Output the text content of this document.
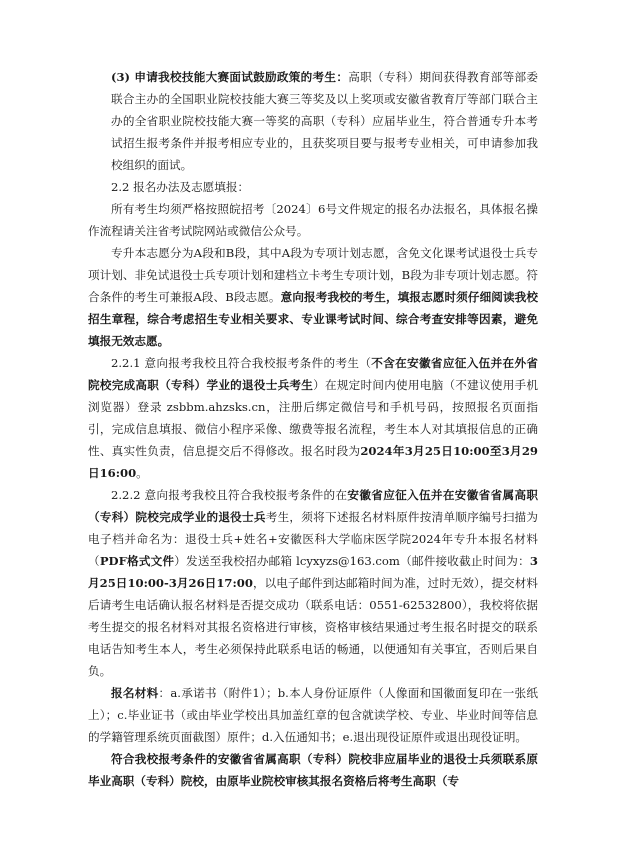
(3) 申请我校技能大赛面试鼓励政策的考生：高职（专科）期间获得教育部等部委联合主办的全国职业院校技能大赛三等奖及以上奖项或安徽省教育厅等部门联合主办的全省职业院校技能大赛一等奖的高职（专科）应届毕业生，符合普通专升本考试招生报考条件并报考相应专业的，且获奖项目要与报考专业相关，可申请参加我校组织的面试。

2.2 报名办法及志愿填报：

所有考生均须严格按照皖招考〔2024〕6号文件规定的报名办法报名，具体报名操作流程请关注省考试院网站或微信公众号。

专升本志愿分为A段和B段，其中A段为专项计划志愿，含免文化课考试退役士兵专项计划、非免试退役士兵专项计划和建档立卡考生专项计划，B段为非专项计划志愿。符合条件的考生可兼报A段、B段志愿。意向报考我校的考生，填报志愿时须仔细阅读我校招生章程，综合考虑招生专业相关要求、专业课考试时间、综合考查安排等因素，避免填报无效志愿。

2.2.1 意向报考我校且符合我校报考条件的考生（不含在安徽省应征入伍并在外省院校完成高职（专科）学业的退役士兵考生）在规定时间内使用电脑（不建议使用手机浏览器）登录 zsbbm.ahzsks.cn，注册后绑定微信号和手机号码，按照报名页面指引，完成信息填报、微信小程序采像、缴费等报名流程，考生本人对其填报信息的正确性、真实性负责，信息提交后不得修改。报名时段为2024年3月25日10:00至3月29日16:00。

2.2.2 意向报考我校且符合我校报考条件的在安徽省应征入伍并在安徽省省属高职（专科）院校完成学业的退役士兵考生，须将下述报名材料原件按清单顺序编号扫描为电子档并命名为：退役士兵+姓名+安徽医科大学临床医学院2024年专升本报名材料（PDF格式文件）发送至我校招办邮箱 lcyxyzs@163.com（邮件接收截止时间为：3月25日10:00-3月26日17:00，以电子邮件到达邮箱时间为准，过时无效），提交材料后请考生电话确认报名材料是否提交成功（联系电话：0551-62532800），我校将依据考生提交的报名材料对其报名资格进行审核，资格审核结果通过考生报名时提交的联系电话告知考生本人，考生必须保持此联系电话的畅通，以便通知有关事宜，否则后果自负。

报名材料：a.承诺书（附件1）；b.本人身份证原件（人像面和国徽面复印在一张纸上）；c.毕业证书（或由毕业学校出具加盖红章的包含就读学校、专业、毕业时间等信息的学籍管理系统页面截图）原件；d.入伍通知书；e.退出现役证原件或退出现役证明。

符合我校报考条件的安徽省省属高职（专科）院校非应届毕业的退役士兵须联系原毕业高职（专科）院校，由原毕业院校审核其报名资格后将考生高职（专
